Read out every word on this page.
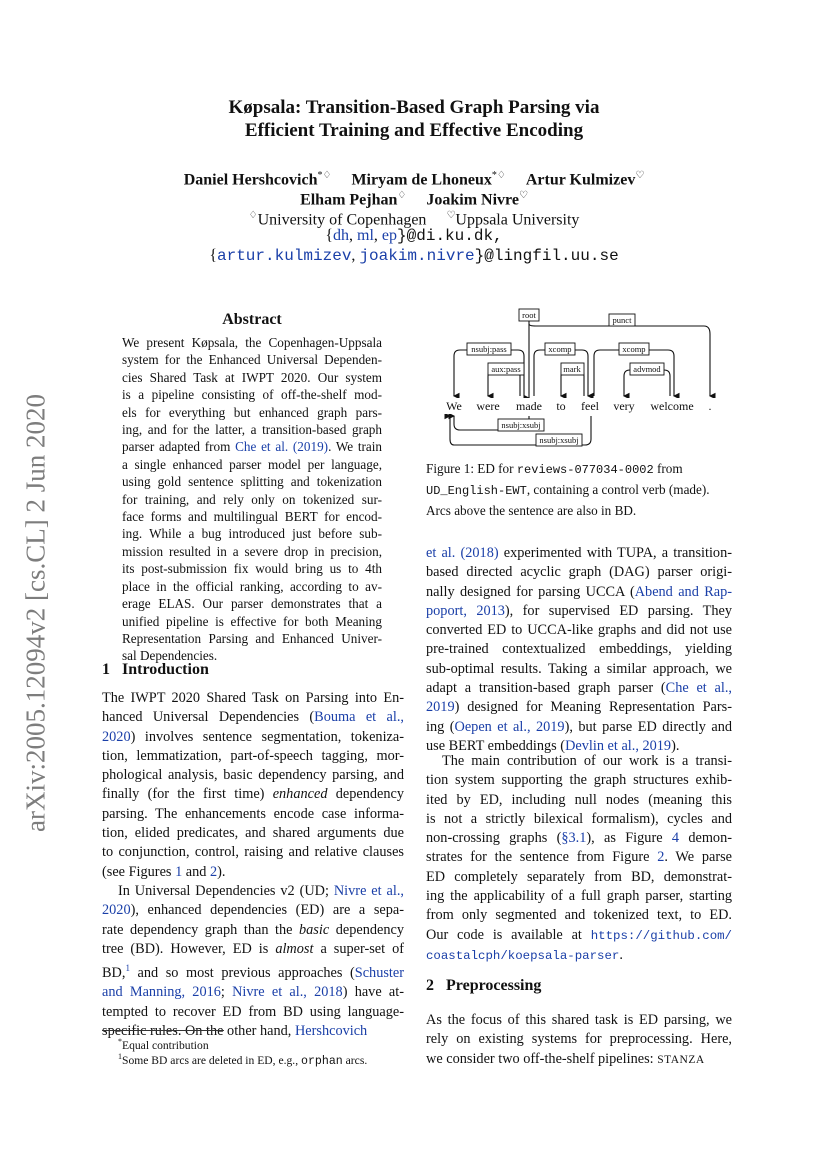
arXiv:2005.12094v2 [cs.CL] 2 Jun 2020
Køpsala: Transition-Based Graph Parsing via
Efficient Training and Effective Encoding
Daniel Hershcovich*♢ Miryam de Lhoneux*♢ Artur Kulmizev♡
Elham Pejhan♢ Joakim Nivre♡
♢University of Copenhagen ♡Uppsala University
{dh, ml, ep}@di.ku.dk,
{artur.kulmizev, joakim.nivre}@lingfil.uu.se
Abstract
We present Køpsala, the Copenhagen-Uppsala
system for the Enhanced Universal Dependen-
cies Shared Task at IWPT 2020. Our system
is a pipeline consisting of off-the-shelf mod-
els for everything but enhanced graph pars-
ing, and for the latter, a transition-based graph
parser adapted from Che et al. (2019). We train
a single enhanced parser model per language,
using gold sentence splitting and tokenization
for training, and rely only on tokenized sur-
face forms and multilingual BERT for encod-
ing. While a bug introduced just before sub-
mission resulted in a severe drop in precision,
its post-submission fix would bring us to 4th
place in the official ranking, according to av-
erage ELAS. Our parser demonstrates that a
unified pipeline is effective for both Meaning
Representation Parsing and Enhanced Univer-
sal Dependencies.
1 Introduction
The IWPT 2020 Shared Task on Parsing into En-
hanced Universal Dependencies (Bouma et al.,
2020) involves sentence segmentation, tokeniza-
tion, lemmatization, part-of-speech tagging, mor-
phological analysis, basic dependency parsing, and
finally (for the first time) enhanced dependency
parsing. The enhancements encode case informa-
tion, elided predicates, and shared arguments due
to conjunction, control, raising and relative clauses
(see Figures 1 and 2).
In Universal Dependencies v2 (UD; Nivre et al.,
2020), enhanced dependencies (ED) are a sepa-
rate dependency graph than the basic dependency
tree (BD). However, ED is almost a super-set of
BD,$^1$ and so most previous approaches (Schuster
and Manning, 2016; Nivre et al., 2018) have at-
tempted to recover ED from BD using language-
specific rules. On the other hand, Hershcovich
*Equal contribution
$^1$Some BD arcs are deleted in ED, e.g., orphan arcs.
root	punct
nsubj:pass	xcomp	xcomp
aux:pass	mark	advmod
nsubj:xsubj
nsubj:xsubj
We were made to feel very welcome .
Figure 1: ED for reviews-077034-0002 from
UD_English-EWT, containing a control verb (made).
Arcs above the sentence are also in BD.
et al. (2018) experimented with TUPA, a transition-
based directed acyclic graph (DAG) parser origi-
nally designed for parsing UCCA (Abend and Rap-
poport, 2013), for supervised ED parsing. They
converted ED to UCCA-like graphs and did not use
pre-trained contextualized embeddings, yielding
sub-optimal results. Taking a similar approach, we
adapt a transition-based graph parser (Che et al.,
2019) designed for Meaning Representation Pars-
ing (Oepen et al., 2019), but parse ED directly and
use BERT embeddings (Devlin et al., 2019).
The main contribution of our work is a transi-
tion system supporting the graph structures exhib-
ited by ED, including null nodes (meaning this
is not a strictly bilexical formalism), cycles and
non-crossing graphs (§3.1), as Figure 4 demon-
strates for the sentence from Figure 2. We parse
ED completely separately from BD, demonstrat-
ing the applicability of a full graph parser, starting
from only segmented and tokenized text, to ED.
Our code is available at https://github.com/
coastalcph/koepsala-parser.
2 Preprocessing
As the focus of this shared task is ED parsing, we
rely on existing systems for preprocessing. Here,
we consider two off-the-shelf pipelines: STANZA
